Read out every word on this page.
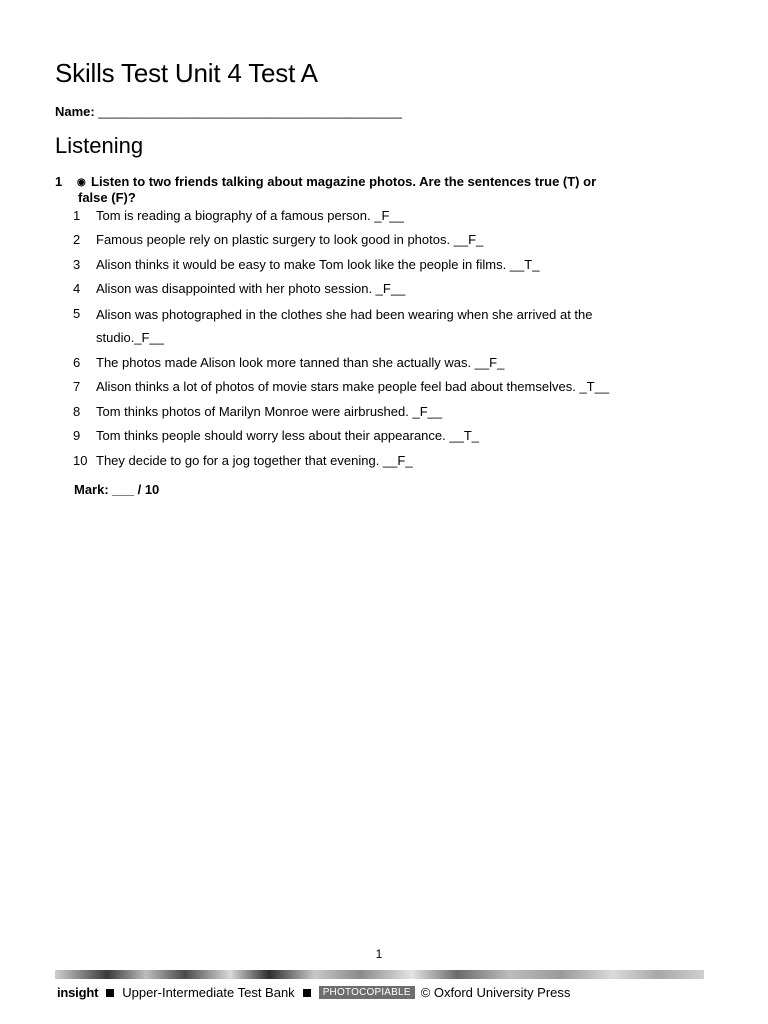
Skills Test Unit 4 Test A
Name: __________________________________________
Listening
1 ◉ Listen to two friends talking about magazine photos. Are the sentences true (T) or
false (F)?
1	Tom is reading a biography of a famous person. _F__
2	Famous people rely on plastic surgery to look good in photos. __F_
3	Alison thinks it would be easy to make Tom look like the people in films. __T_
4	Alison was disappointed with her photo session. _F__
5	Alison was photographed in the clothes she had been wearing when she arrived at the studio._F__
6	The photos made Alison look more tanned than she actually was. __F_
7	Alison thinks a lot of photos of movie stars make people feel bad about themselves. _T__
8	Tom thinks photos of Marilyn Monroe were airbrushed. _F__
9	Tom thinks people should worry less about their appearance. __T_
10 They decide to go for a jog together that evening. __F_
Mark: ___ / 10
1
insight Upper-Intermediate Test Bank	PHOTOCOPIABLE © Oxford University Press
